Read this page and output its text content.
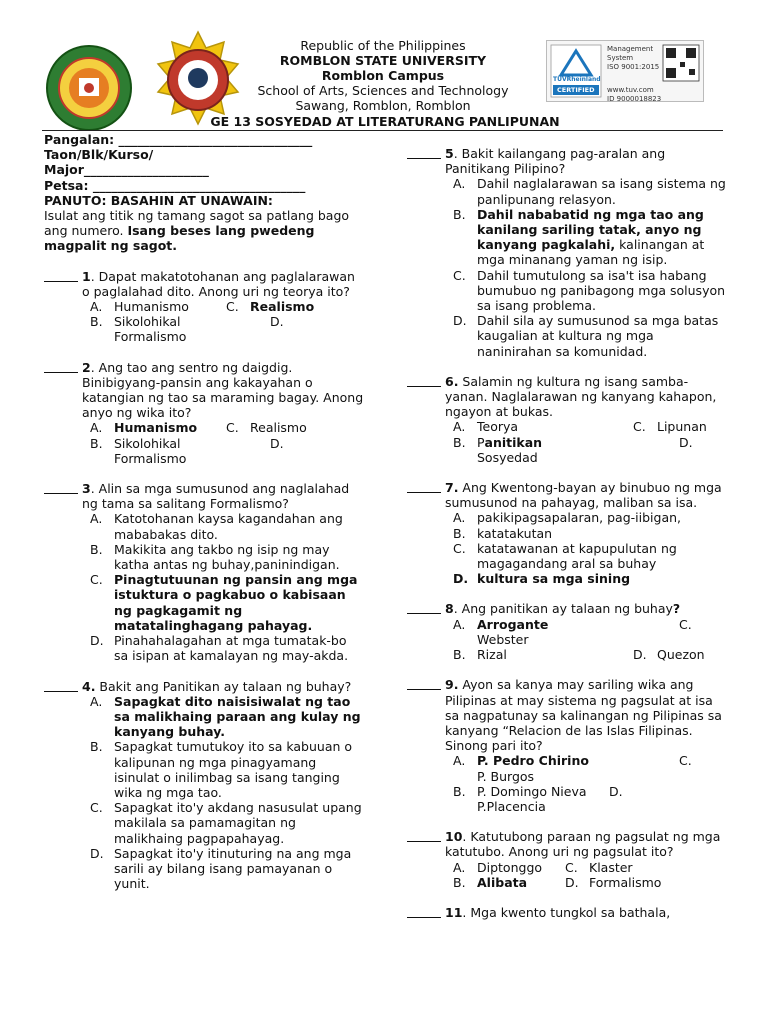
Republic of the Philippines
ROMBLON STATE UNIVERSITY
Romblon Campus
School of Arts, Sciences and Technology
Sawang, Romblon, Romblon
GE 13 SOSYEDAD AT LITERATURANG PANLIPUNAN
Management
System
ISO 9001:2015
www.tuv.com
ID 9000018823
TÜVRheinland
CERTIFIED
Pangalan: _______________________________
Taon/Blk/Kurso/
Major____________________
Petsa: __________________________________
PANUTO: BASAHIN AT UNAWAIN:
Isulat ang titik ng tamang sagot sa patlang bago ang numero. Isang beses lang pwedeng magpalit ng sagot.
1. Dapat makatotohanan ang paglalarawan o paglalahad dito. Anong uri ng teorya ito?
A. Humanismo	C. Realismo
B. Sikolohikal	D.
Formalismo
2. Ang tao ang sentro ng daigdig. Binibigyang-pansin ang kakayahan o katangian ng tao sa maraming bagay. Anong anyo ng wika ito?
A. Humanismo C. Realismo
B. Sikolohikal	D.
Formalismo
3. Alin sa mga sumusunod ang naglalahad ng tama sa salitang Formalismo?
A. Katotohanan kaysa kagandahan ang mababakas dito.
B. Makikita ang takbo ng isip ng may katha antas ng buhay,paninindigan.
C. Pinagtutuunan ng pansin ang mga istuktura o pagkabuo o kabisaan ng pagkagamit ng matatalinghagang pahayag.
D. Pinahahalagahan at mga tumatak-bo sa isipan at kamalayan ng may-akda.
4. Bakit ang Panitikan ay talaan ng buhay?
A. Sapagkat dito naisisiwalat ng tao sa malikhaing paraan ang kulay ng kanyang buhay.
B. Sapagkat tumutukoy ito sa kabuuan o kalipunan ng mga pinagyamang isinulat o inilimbag sa isang tanging wika ng mga tao.
C. Sapagkat ito'y akdang nasusulat upang makilala sa pamamagitan ng malikhaing pagpapahayag.
D. Sapagkat ito'y itinuturing na ang mga sarili ay bilang isang pamayanan o yunit.
5. Bakit kailangang pag-aralan ang Panitikang Pilipino?
A. Dahil naglalarawan sa isang sistema ng panlipunang relasyon.
B. Dahil nababatid ng mga tao ang kanilang sariling tatak, anyo ng kanyang pagkalahi, kalinangan at mga minanang yaman ng isip.
C. Dahil tumutulong sa isa't isa habang bumubuo ng panibagong mga solusyon sa isang problema.
D. Dahil sila ay sumusunod sa mga batas kaugalian at kultura ng mga naninirahan sa komunidad.
6. Salamin ng kultura ng isang samba-yanan. Naglalarawan ng kanyang kahapon, ngayon at bukas.
A. Teorya	C. Lipunan
B. Panitikan	D.
Sosyedad
7. Ang Kwentong-bayan ay binubuo ng mga sumusunod na pahayag, maliban sa isa.
A. pakikipagsapalaran, pag-iibigan,
B. katatakutan
C. katatawanan at kapupulutan ng magagandang aral sa buhay
D. kultura sa mga sining
8. Ang panitikan ay talaan ng buhay?
A. Arrogante	C.
Webster
B. Rizal	D. Quezon
9. Ayon sa kanya may sariling wika ang Pilipinas at may sistema ng pagsulat at isa sa nagpatunay sa kalinangan ng Pilipinas sa kanyang “Relacion de las Islas Filipinas. Sinong pari ito?
A. P. Pedro Chirino	C.
P. Burgos
B. P. Domingo Nieva D.
P.Placencia
10. Katutubong paraan ng pagsulat ng mga katutubo. Anong uri ng pagsulat ito?
A. Diptonggo C. Klaster
B. Alibata	D. Formalismo
11. Mga kwento tungkol sa bathala,
